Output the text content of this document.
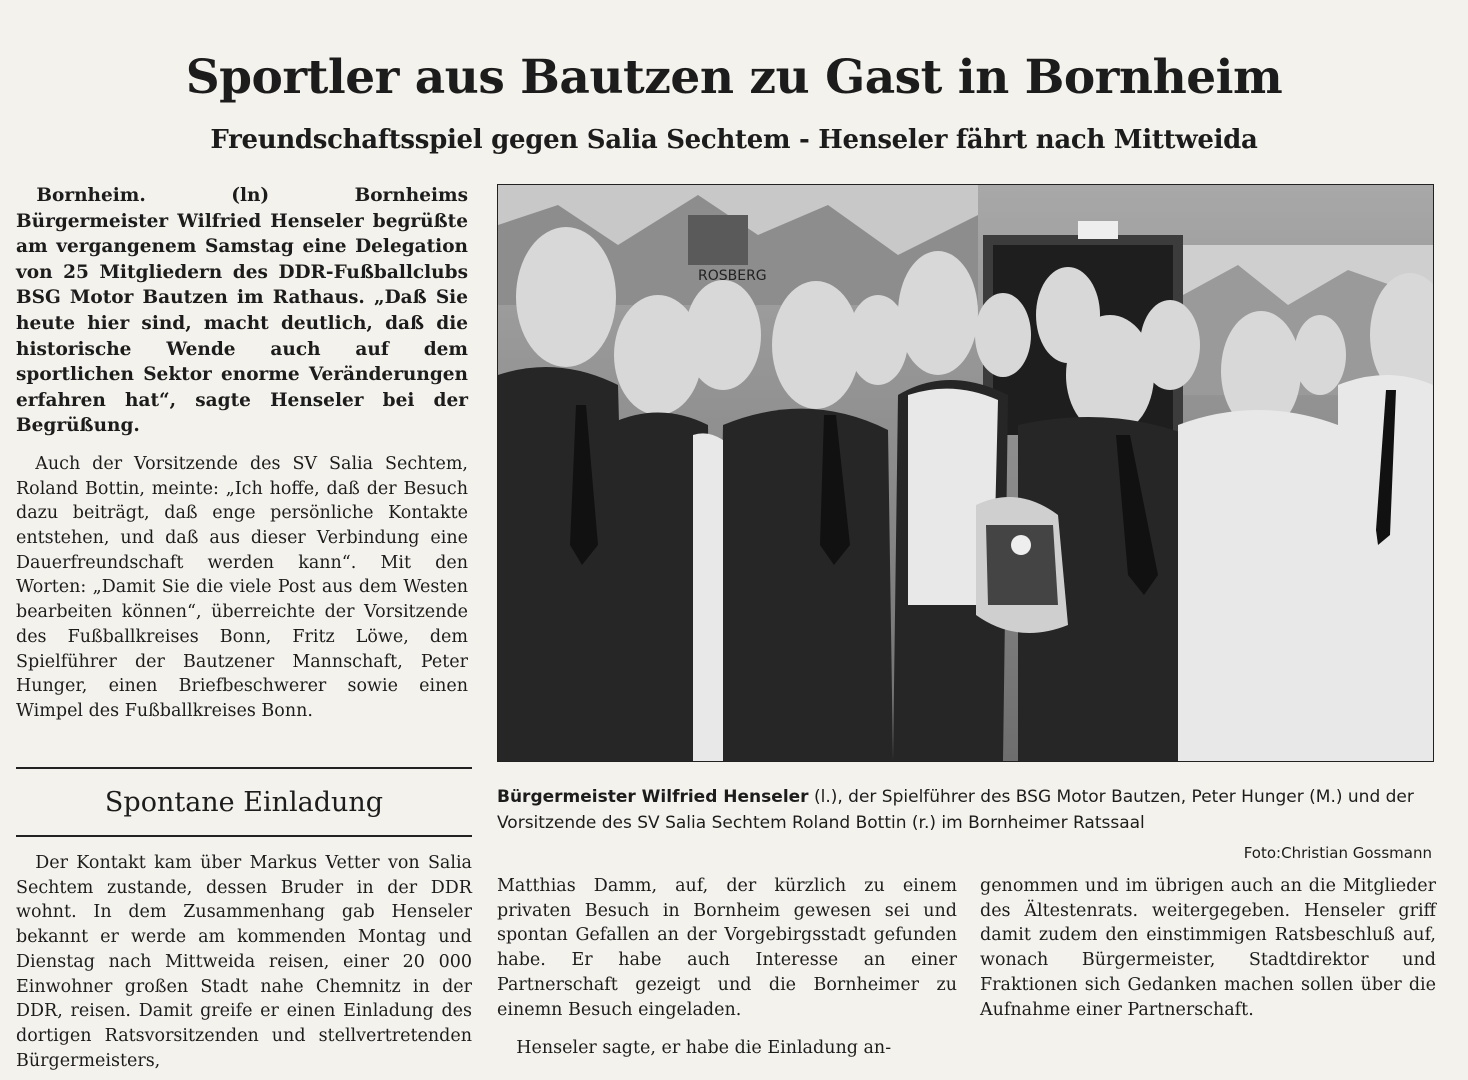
Sportler aus Bautzen zu Gast in Bornheim
Freundschaftsspiel gegen Salia Sechtem - Henseler fährt nach Mittweida

Bornheim. (ln) Bornheims Bürgermeister Wilfried Henseler begrüßte am vergangenem Samstag eine Delegation von 25 Mitgliedern des DDR-Fußballclubs BSG Motor Bautzen im Rathaus. „Daß Sie heute hier sind, macht deutlich, daß die historische Wende auch auf dem sportlichen Sektor enorme Veränderungen erfahren hat“, sagte Henseler bei der Begrüßung.

Auch der Vorsitzende des SV Salia Sechtem, Roland Bottin, meinte: „Ich hoffe, daß der Besuch dazu beiträgt, daß enge persönliche Kontakte entstehen, und daß aus dieser Verbindung eine Dauerfreundschaft werden kann“. Mit den Worten: „Damit Sie die viele Post aus dem Westen bearbeiten können“, überreichte der Vorsitzende des Fußballkreises Bonn, Fritz Löwe, dem Spielführer der Bautzener Mannschaft, Peter Hunger, einen Briefbeschwerer sowie einen Wimpel des Fußballkreises Bonn.

Spontane Einladung

Der Kontakt kam über Markus Vetter von Salia Sechtem zustande, dessen Bruder in der DDR wohnt. In dem Zusammenhang gab Henseler bekannt er werde am kommenden Montag und Dienstag nach Mittweida reisen, einer 20 000 Einwohner großen Stadt nahe Chemnitz in der DDR, reisen. Damit greife er einen Einladung des dortigen Ratsvorsitzenden und stellvertretenden Bürgermeisters,

ROSBERG

Bürgermeister Wilfried Henseler (l.), der Spielführer des BSG Motor Bautzen, Peter Hunger (M.) und der Vorsitzende des SV Salia Sechtem Roland Bottin (r.) im Bornheimer Ratssaal

Foto:Christian Gossmann

Matthias Damm, auf, der kürzlich zu einem privaten Besuch in Bornheim gewesen sei und spontan Gefallen an der Vorgebirgsstadt gefunden habe. Er habe auch Interesse an einer Partnerschaft gezeigt und die Bornheimer zu einemn Besuch eingeladen.

Henseler sagte, er habe die Einladung an-

genommen und im übrigen auch an die Mitglieder des Ältestenrats. weitergegeben. Henseler griff damit zudem den einstimmigen Ratsbeschluß auf, wonach Bürgermeister, Stadtdirektor und Fraktionen sich Gedanken machen sollen über die Aufnahme einer Partnerschaft.
